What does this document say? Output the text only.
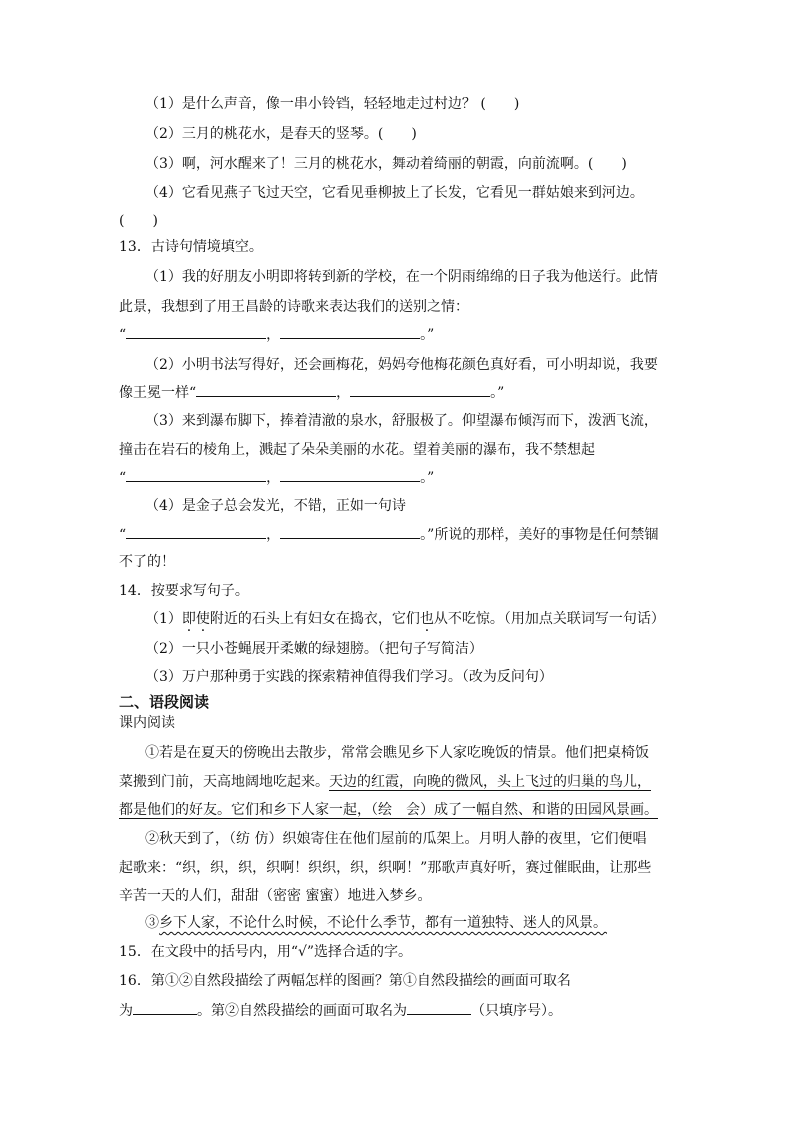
（1）是什么声音，像一串小铃铛，轻轻地走过村边？ (　　)
（2）三月的桃花水，是春天的竖琴。(　　)
（3）啊，河水醒来了！三月的桃花水，舞动着绮丽的朝霞，向前流啊。(　　)
（4）它看见燕子飞过天空，它看见垂柳披上了长发，它看见一群姑娘来到河边。
(　　)
13．古诗句情境填空。
（1）我的好朋友小明即将转到新的学校，在一个阴雨绵绵的日子我为他送行。此情
此景，我想到了用王昌龄的诗歌来表达我们的送别之情：
“	，	。”
（2）小明书法写得好，还会画梅花，妈妈夸他梅花颜色真好看，可小明却说，我要
像王冕一样“	，	。”
（3）来到瀑布脚下，捧着清澈的泉水，舒服极了。仰望瀑布倾泻而下，泼洒飞流，
撞击在岩石的棱角上，溅起了朵朵美丽的水花。望着美丽的瀑布，我不禁想起
“	，	。”
（4）是金子总会发光，不错，正如一句诗
“	，	。”所说的那样，美好的事物是任何禁锢
不了的！
14．按要求写句子。
（1）即使附近的石头上有妇女在捣衣，它们也从不吃惊。（用加点关联词写一句话）
（2）一只小苍蝇展开柔嫩的绿翅膀。（把句子写简洁）
（3）万户那种勇于实践的探索精神值得我们学习。（改为反问句）
二、语段阅读
课内阅读
①若是在夏天的傍晚出去散步，常常会瞧见乡下人家吃晚饭的情景。他们把桌椅饭
菜搬到门前，天高地阔地吃起来。天边的红霞，向晚的微风，头上飞过的归巢的鸟儿，
都是他们的好友。它们和乡下人家一起，（绘　会）成了一幅自然、和谐的田园风景画。
②秋天到了，（纺 仿）织娘寄住在他们屋前的瓜架上。月明人静的夜里，它们便唱
起歌来：“织，织，织，织啊！织织，织，织啊！”那歌声真好听，赛过催眠曲，让那些
辛苦一天的人们，甜甜（密密 蜜蜜）地进入梦乡。
③乡下人家，不论什么时候，不论什么季节，都有一道独特、迷人的风景。
15．在文段中的括号内，用“√”选择合适的字。
16．第①②自然段描绘了两幅怎样的图画？第①自然段描绘的画面可取名
为	。第②自然段描绘的画面可取名为	（只填序号）。
